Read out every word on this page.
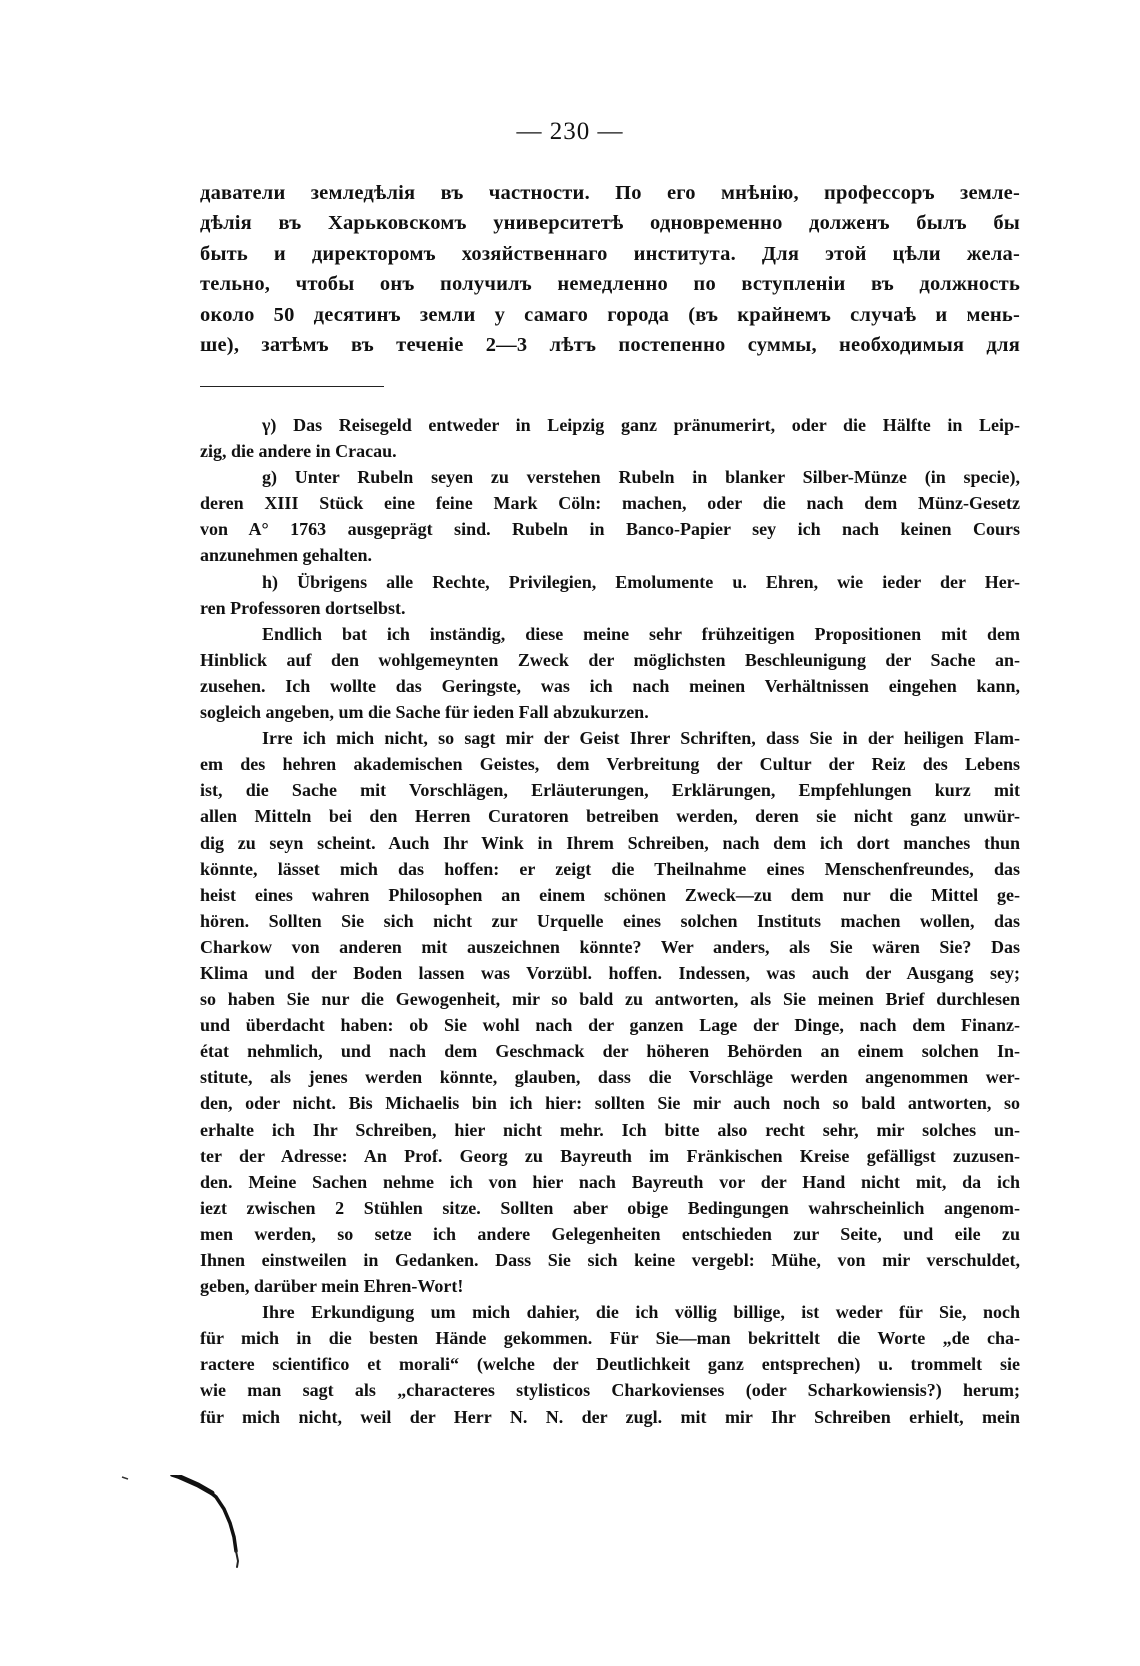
— 230 —
даватели земледѣлія въ частности. По его мнѣнію, профессоръ земле-
дѣлія въ Харьковскомъ университетѣ одновременно долженъ былъ бы
быть и директоромъ хозяйственнаго института. Для этой цѣли жела-
тельно, чтобы онъ получилъ немедленно по вступленіи въ должность
около 50 десятинъ земли у самаго города (въ крайнемъ случаѣ и мень-
ше), затѣмъ въ теченіе 2—3 лѣтъ постепенно суммы, необходимыя для
γ) Das Reisegeld entweder in Leipzig ganz pränumerirt, oder die Hälfte in Leip-
zig, die andere in Cracau.
g) Unter Rubeln seyen zu verstehen Rubeln in blanker Silber-Münze (in specie),
deren XIII Stück eine feine Mark Cöln: machen, oder die nach dem Münz-Gesetz
von A° 1763 ausgeprägt sind. Rubeln in Banco-Papier sey ich nach keinen Cours
anzunehmen gehalten.
h) Übrigens alle Rechte, Privilegien, Emolumente u. Ehren, wie ieder der Her-
ren Professoren dortselbst.
Endlich bat ich inständig, diese meine sehr frühzeitigen Propositionen mit dem
Hinblick auf den wohlgemeynten Zweck der möglichsten Beschleunigung der Sache an-
zusehen. Ich wollte das Geringste, was ich nach meinen Verhältnissen eingehen kann,
sogleich angeben, um die Sache für ieden Fall abzukurzen.
Irre ich mich nicht, so sagt mir der Geist Ihrer Schriften, dass Sie in der heiligen Flam-
em des hehren akademischen Geistes, dem Verbreitung der Cultur der Reiz des Lebens
ist, die Sache mit Vorschlägen, Erläuterungen, Erklärungen, Empfehlungen kurz mit
allen Mitteln bei den Herren Curatoren betreiben werden, deren sie nicht ganz unwür-
dig zu seyn scheint. Auch Ihr Wink in Ihrem Schreiben, nach dem ich dort manches thun
könnte, lässet mich das hoffen: er zeigt die Theilnahme eines Menschenfreundes, das
heist eines wahren Philosophen an einem schönen Zweck—zu dem nur die Mittel ge-
hören. Sollten Sie sich nicht zur Urquelle eines solchen Instituts machen wollen, das
Charkow von anderen mit auszeichnen könnte? Wer anders, als Sie wären Sie? Das
Klima und der Boden lassen was Vorzübl. hoffen. Indessen, was auch der Ausgang sey;
so haben Sie nur die Gewogenheit, mir so bald zu antworten, als Sie meinen Brief durchlesen
und überdacht haben: ob Sie wohl nach der ganzen Lage der Dinge, nach dem Finanz-
état nehmlich, und nach dem Geschmack der höheren Behörden an einem solchen In-
stitute, als jenes werden könnte, glauben, dass die Vorschläge werden angenommen wer-
den, oder nicht. Bis Michaelis bin ich hier: sollten Sie mir auch noch so bald antworten, so
erhalte ich Ihr Schreiben, hier nicht mehr. Ich bitte also recht sehr, mir solches un-
ter der Adresse: An Prof. Georg zu Bayreuth im Fränkischen Kreise gefälligst zuzusen-
den. Meine Sachen nehme ich von hier nach Bayreuth vor der Hand nicht mit, da ich
iezt zwischen 2 Stühlen sitze. Sollten aber obige Bedingungen wahrscheinlich angenom-
men werden, so setze ich andere Gelegenheiten entschieden zur Seite, und eile zu
Ihnen einstweilen in Gedanken. Dass Sie sich keine vergebl: Mühe, von mir verschuldet,
geben, darüber mein Ehren-Wort!
Ihre Erkundigung um mich dahier, die ich völlig billige, ist weder für Sie, noch
für mich in die besten Hände gekommen. Für Sie—man bekrittelt die Worte „de cha-
ractere scientifico et morali“ (welche der Deutlichkeit ganz entsprechen) u. trommelt sie
wie man sagt als „characteres stylisticos Charkovienses (oder Scharkowiensis?) herum;
für mich nicht, weil der Herr N. N. der zugl. mit mir Ihr Schreiben erhielt, mein
